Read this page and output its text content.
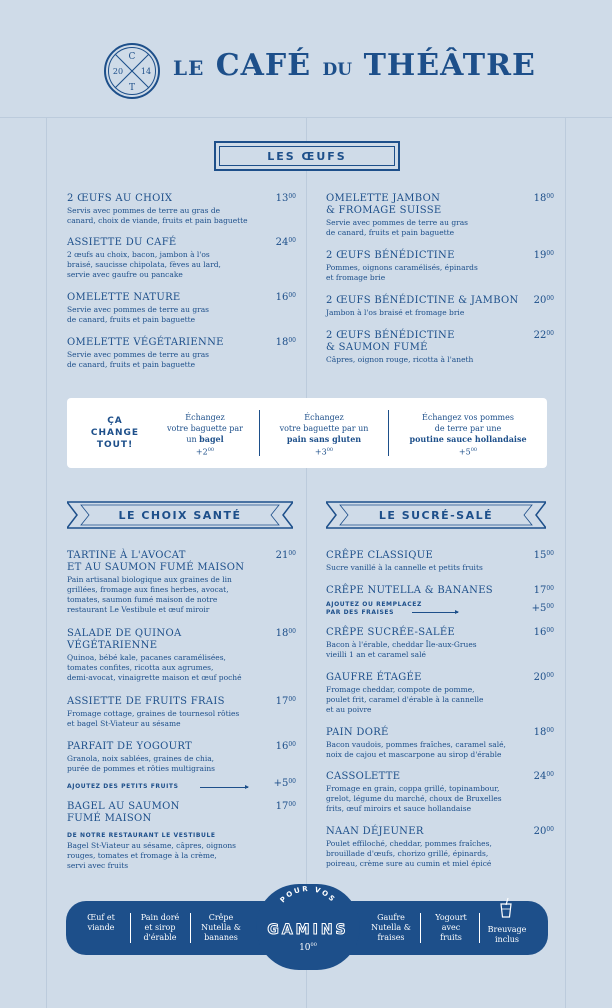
C
20 14
T
LE CAFÉ DU THÉÂTRE
LES ŒUFS
2 ŒUFS AU CHOIX
Servis avec pommes de terre au gras de
canard, choix de viande, fruits et pain baguette
$13^{00}$
ASSIETTE DU CAFÉ
2 œufs au choix, bacon, jambon à l'os
braisé, saucisse chipolata, fèves au lard,
servie avec gaufre ou pancake
$24^{00}$
OMELETTE NATURE
Servie avec pommes de terre au gras
de canard, fruits et pain baguette
$16^{00}$
OMELETTE VÉGÉTARIENNE
Servie avec pommes de terre au gras
de canard, fruits et pain baguette
$18^{00}$
OMELETTE JAMBON
& FROMAGE SUISSE
Servie avec pommes de terre au gras
de canard, fruits et pain baguette
$18^{00}$
2 ŒUFS BÉNÉDICTINE
Pommes, oignons caramélisés, épinards
et fromage brie
$19^{00}$
2 ŒUFS BÉNÉDICTINE & JAMBON
Jambon à l'os braisé et fromage brie
$20^{00}$
2 ŒUFS BÉNÉDICTINE
& SAUMON FUMÉ
Câpres, oignon rouge, ricotta à l'aneth
$22^{00}$
ÇA
CHANGE
TOUT!
Échangez
votre baguette par
un bagel
$+2^{00}$
Échangez
votre baguette par un
pain sans gluten
$+3^{00}$
Échangez vos pommes
de terre par une
poutine sauce hollandaise
$+5^{00}$
LE CHOIX SANTÉ	LE SUCRÉ-SALÉ
TARTINE À L'AVOCAT
ET AU SAUMON FUMÉ MAISON
Pain artisanal biologique aux graines de lin
grillées, fromage aux fines herbes, avocat,
tomates, saumon fumé maison de notre
restaurant Le Vestibule et œuf miroir
$21^{00}$
SALADE DE QUINOA
VÉGÉTARIENNE
Quinoa, bébé kale, pacanes caramélisées,
tomates confites, ricotta aux agrumes,
demi-avocat, vinaigrette maison et œuf poché
$18^{00}$
ASSIETTE DE FRUITS FRAIS
Fromage cottage, graines de tournesol rôties
et bagel St-Viateur au sésame
$17^{00}$
PARFAIT DE YOGOURT
Granola, noix sablées, graines de chia,
purée de pommes et rôties multigrains
$16^{00}$
BAGEL AU SAUMON
FUMÉ MAISON
Bagel St-Viateur au sésame, câpres, oignons
rouges, tomates et fromage à la crème,
servi avec fruits
$17^{00}$
CRÊPE CLASSIQUE
Sucre vanillé à la cannelle et petits fruits
$15^{00}$
CRÊPE NUTELLA & BANANES	$17^{00}$
CRÊPE SUCRÉE-SALÉE
Bacon à l'érable, cheddar Île-aux-Grues
vieilli 1 an et caramel salé
$16^{00}$
GAUFRE ÉTAGÉE
Fromage cheddar, compote de pomme,
poulet frit, caramel d'érable à la cannelle
et au poivre
$20^{00}$
PAIN DORÉ
Bacon vaudois, pommes fraîches, caramel salé,
noix de cajou et mascarpone au sirop d'érable
$18^{00}$
CASSOLETTE
Fromage en grain, coppa grillé, topinambour,
grelot, légume du marché, choux de Bruxelles
frits, œuf miroirs et sauce hollandaise
$24^{00}$
NAAN DÉJEUNER
Poulet effiloché, cheddar, pommes fraîches,
brouillade d'œufs, chorizo grillé, épinards,
poireau, crème sure au cumin et miel épicé
$20^{00}$
AJOUTEZ DES PETITS FRUITS	$+5^{00}$
DE NOTRE RESTAURANT LE VESTIBULE
AJOUTEZ OU REMPLACEZ
PAR DES FRAISES	$+5^{00}$
POUR VOS
GAMINS
$10^{00}$
Œuf et
viande
Pain doré
et sirop
d'érable
Crêpe
Nutella &
bananes
Gaufre
Nutella &
fraises
Yogourt
avec
fruits
Breuvage
inclus
